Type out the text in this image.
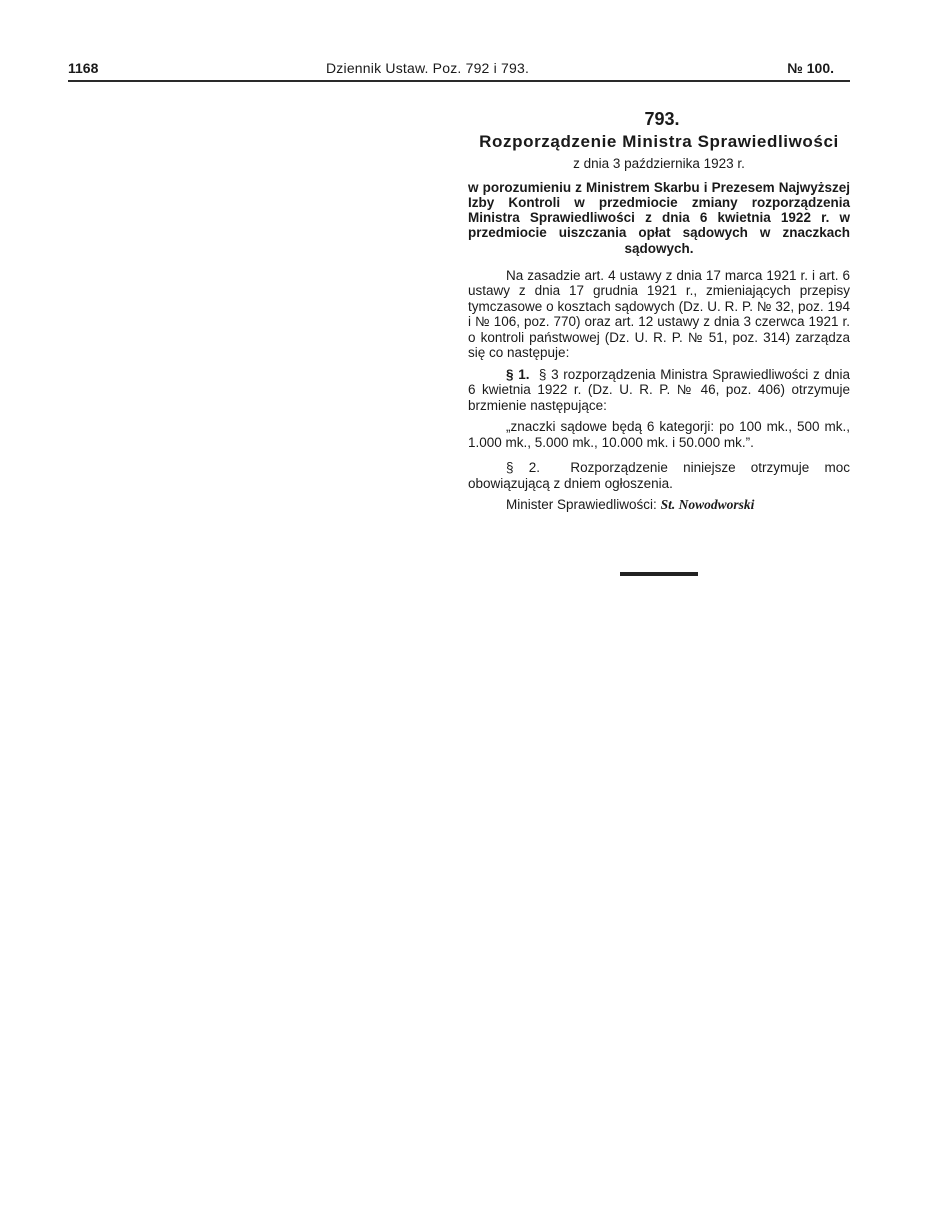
1168	Dziennik Ustaw. Poz. 792 i 793.	№ 100.
793.
Rozporządzenie Ministra Sprawiedliwości
z dnia 3 października 1923 r.
w porozumieniu z Ministrem Skarbu i Prezesem Najwyższej Izby Kontroli w przedmiocie zmiany rozporządzenia Ministra Sprawiedliwości z dnia 6 kwietnia 1922 r. w przedmiocie uiszczania opłat sądowych w znaczkach sądowych.

Na zasadzie art. 4 ustawy z dnia 17 marca 1921 r. i art. 6 ustawy z dnia 17 grudnia 1921 r., zmieniających przepisy tymczasowe o kosztach sądowych (Dz. U. R. P. № 32, poz. 194 i № 106, poz. 770) oraz art. 12 ustawy z dnia 3 czerwca 1921 r. o kontroli państwowej (Dz. U. R. P. № 51, poz. 314) zarządza się co następuje:

§ 1. § 3 rozporządzenia Ministra Sprawiedliwości z dnia 6 kwietnia 1922 r. (Dz. U. R. P. № 46, poz. 406) otrzymuje brzmienie następujące:

„znaczki sądowe będą 6 kategorji: po 100 mk., 500 mk., 1.000 mk., 5.000 mk., 10.000 mk. i 50.000 mk.”.

§ 2. Rozporządzenie niniejsze otrzymuje moc obowiązującą z dniem ogłoszenia.

Minister Sprawiedliwości: St. Nowodworski
